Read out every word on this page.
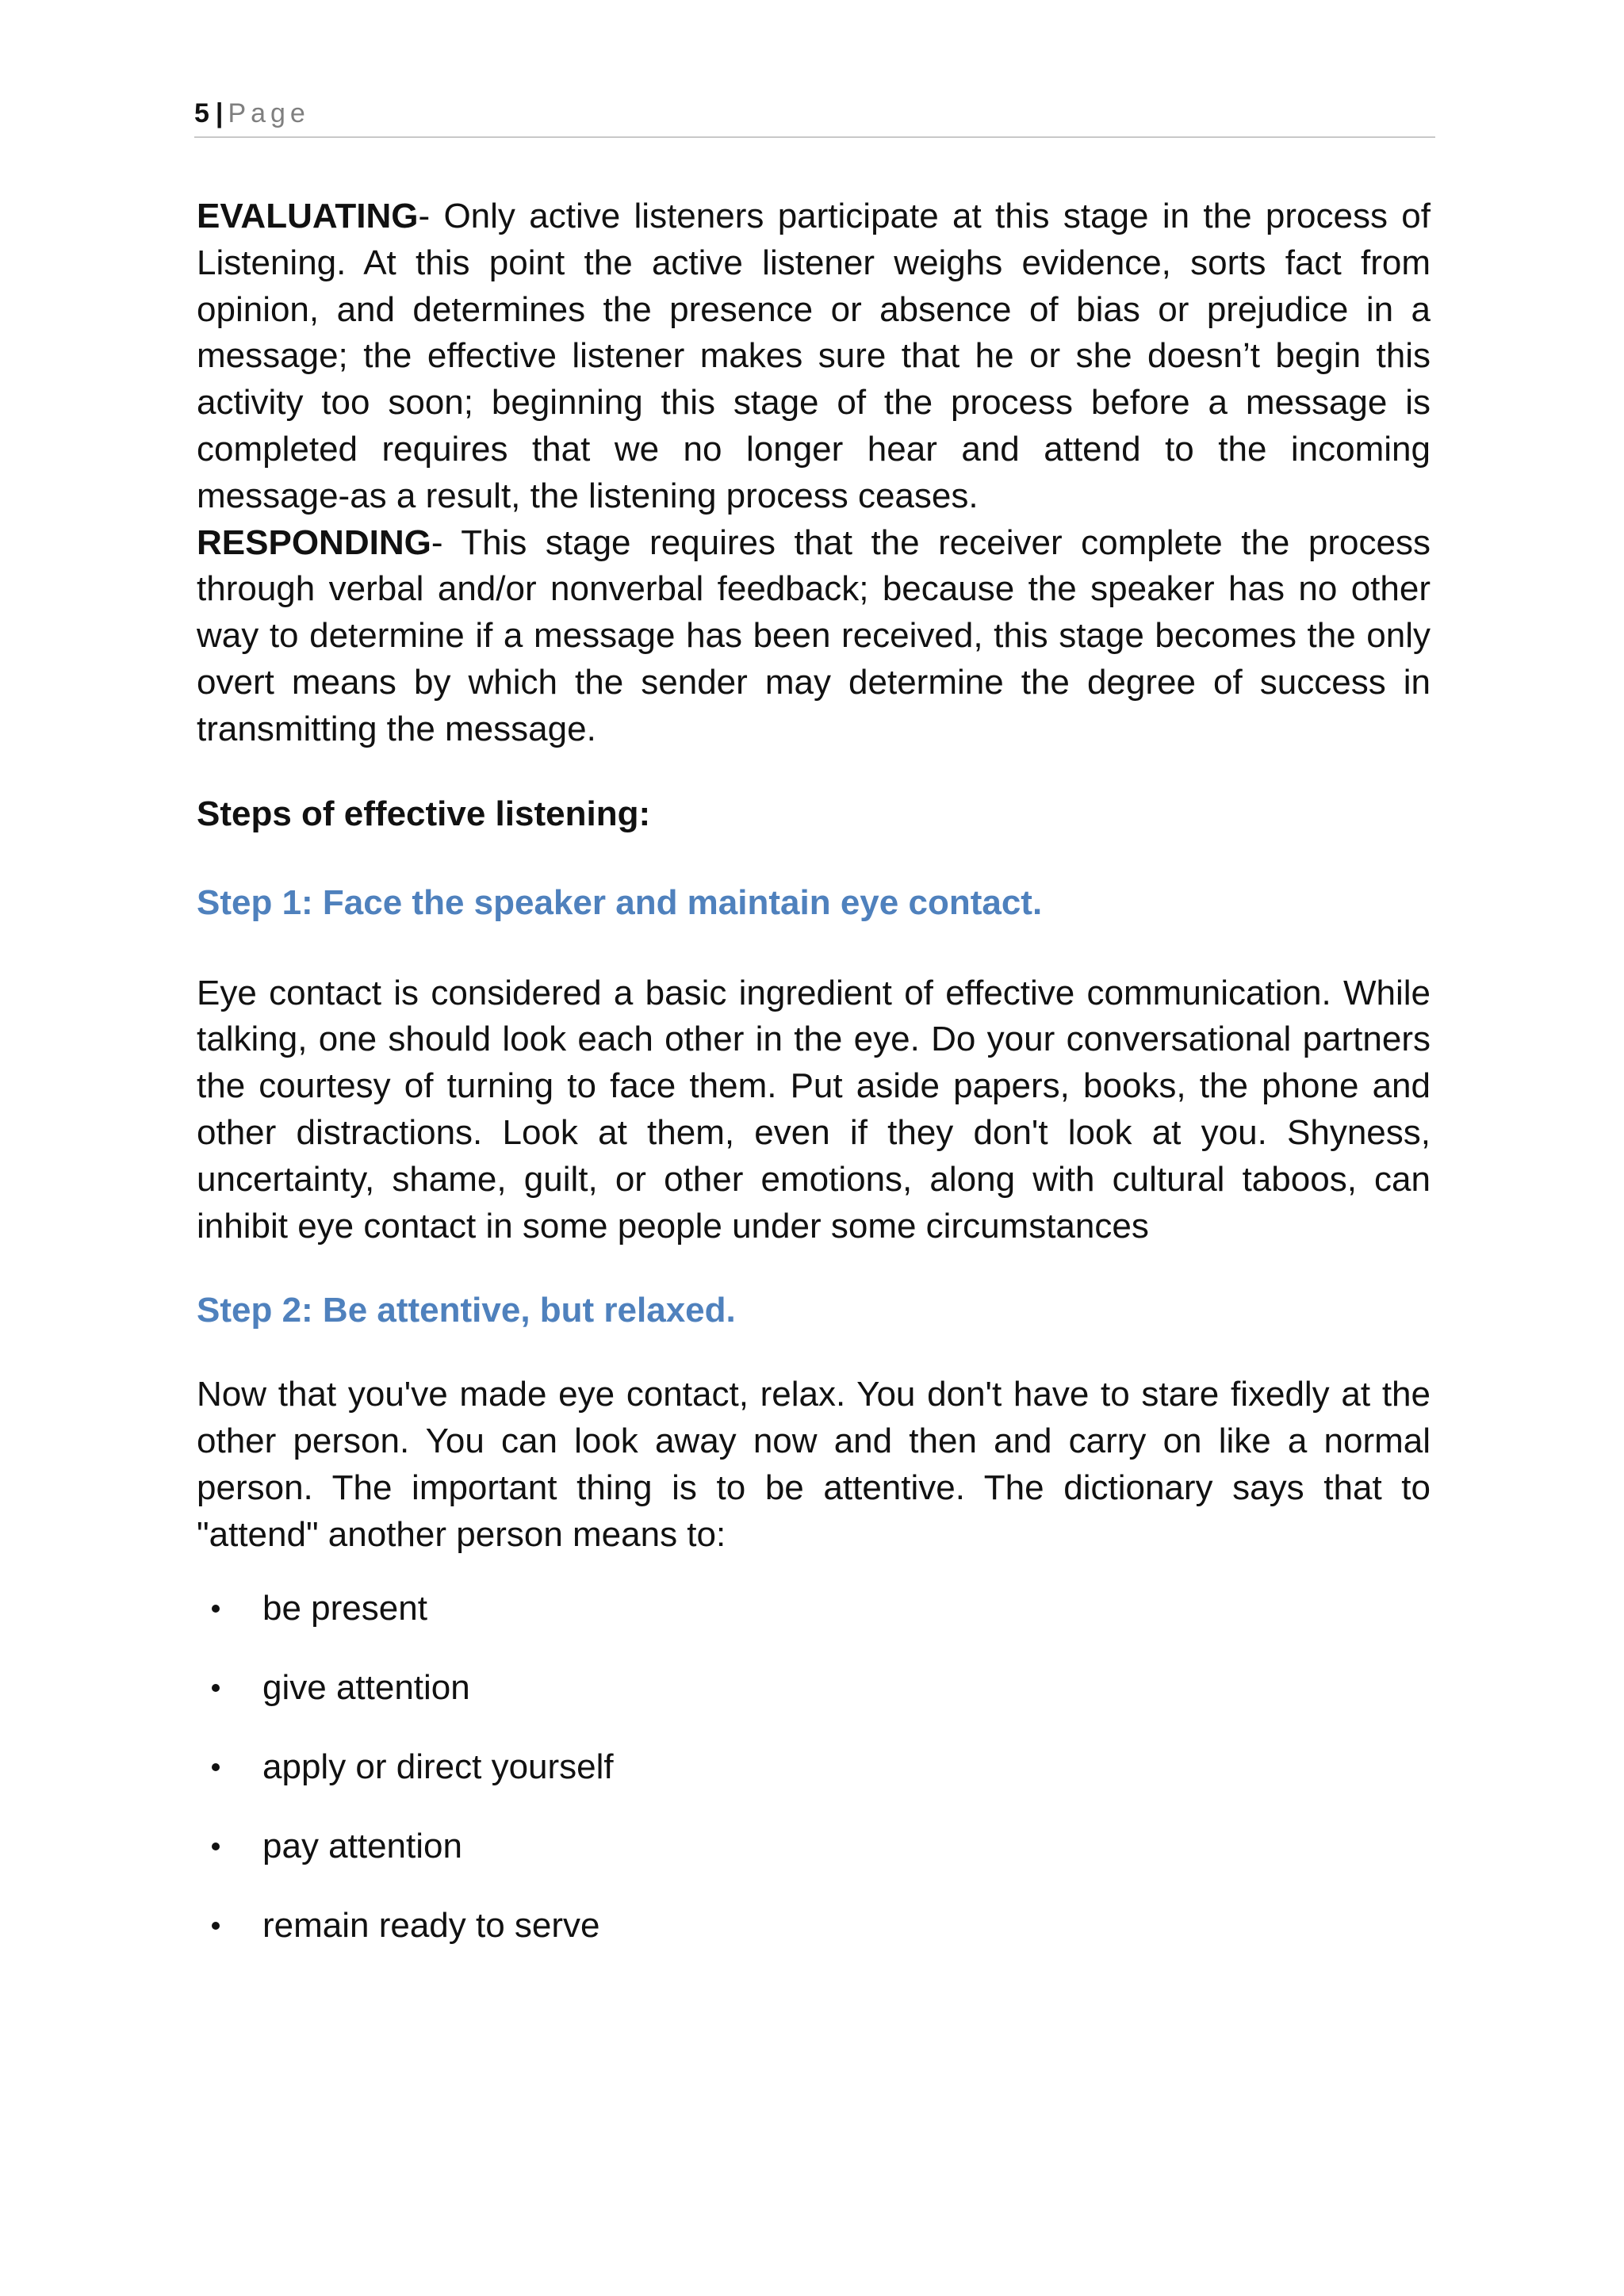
5 | Page

EVALUATING- Only active listeners participate at this stage in the process of Listening. At this point the active listener weighs evidence, sorts fact from opinion, and determines the presence or absence of bias or prejudice in a message; the effective listener makes sure that he or she doesn’t begin this activity too soon; beginning this stage of the process before a message is completed requires that we no longer hear and attend to the incoming message-as a result, the listening process ceases.

RESPONDING- This stage requires that the receiver complete the process through verbal and/or nonverbal feedback; because the speaker has no other way to determine if a message has been received, this stage becomes the only overt means by which the sender may determine the degree of success in transmitting the message.

Steps of effective listening:

Step 1: Face the speaker and maintain eye contact.

Eye contact is considered a basic ingredient of effective communication. While talking, one should look each other in the eye. Do your conversational partners the courtesy of turning to face them. Put aside papers, books, the phone and other distractions. Look at them, even if they don't look at you. Shyness, uncertainty, shame, guilt, or other emotions, along with cultural taboos, can inhibit eye contact in some people under some circumstances

Step 2: Be attentive, but relaxed.

Now that you've made eye contact, relax. You don't have to stare fixedly at the other person. You can look away now and then and carry on like a normal person. The important thing is to be attentive. The dictionary says that to "attend" another person means to:

be present
give attention
apply or direct yourself
pay attention
remain ready to serve
